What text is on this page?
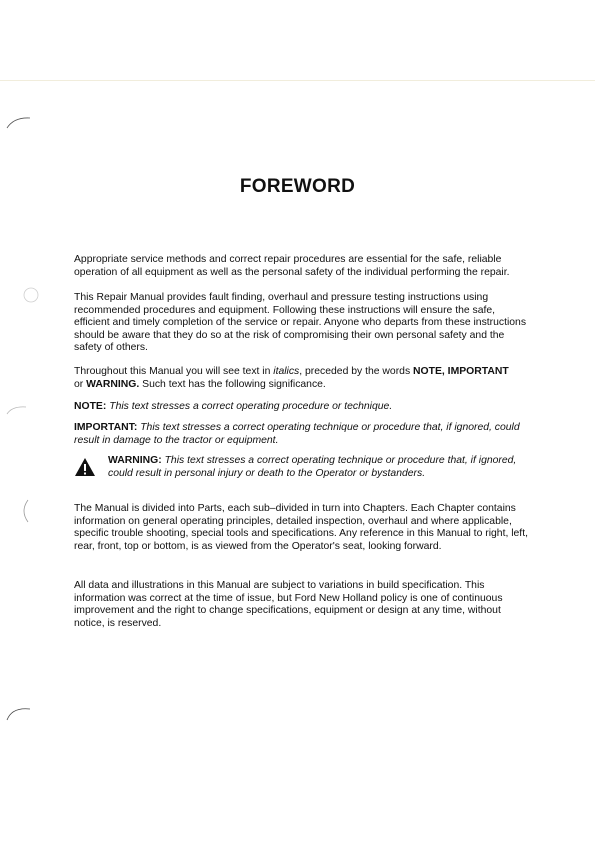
FOREWORD

Appropriate service methods and correct repair procedures are essential for the safe, reliable operation of all equipment as well as the personal safety of the individual performing the repair.

This Repair Manual provides fault finding, overhaul and pressure testing instructions using recommended procedures and equipment. Following these instructions will ensure the safe, efficient and timely completion of the service or repair. Anyone who departs from these instructions should be aware that they do so at the risk of compromising their own personal safety and the safety of others.

Throughout this Manual you will see text in italics, preceded by the words NOTE, IMPORTANT
or WARNING. Such text has the following significance.

NOTE: This text stresses a correct operating procedure or technique.

IMPORTANT: This text stresses a correct operating technique or procedure that, if ignored, could result in damage to the tractor or equipment.

WARNING: This text stresses a correct operating technique or procedure that, if ignored, could result in personal injury or death to the Operator or bystanders.

The Manual is divided into Parts, each sub–divided in turn into Chapters. Each Chapter contains information on general operating principles, detailed inspection, overhaul and where applicable, specific trouble shooting, special tools and specifications. Any reference in this Manual to right, left, rear, front, top or bottom, is as viewed from the Operator's seat, looking forward.

All data and illustrations in this Manual are subject to variations in build specification. This information was correct at the time of issue, but Ford New Holland policy is one of continuous improvement and the right to change specifications, equipment or design at any time, without notice, is reserved.
